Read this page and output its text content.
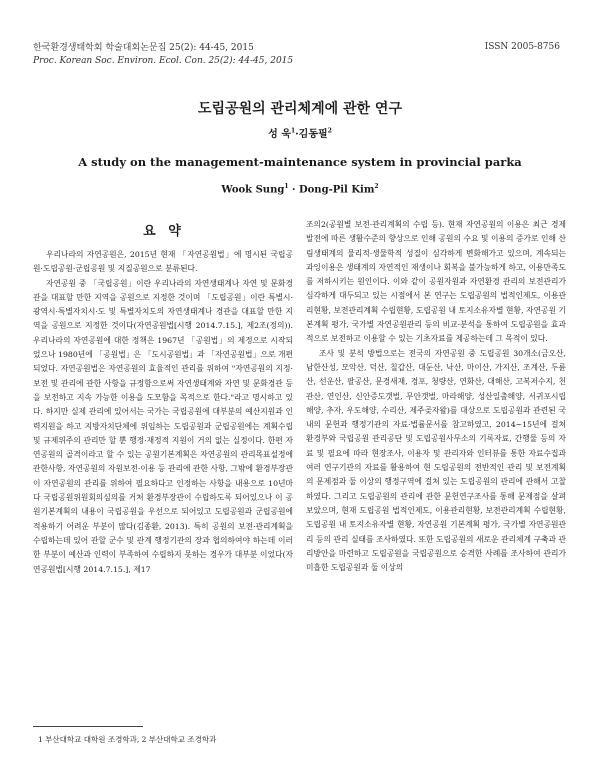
한국환경생태학회 학술대회논문집 25(2): 44-45, 2015
Proc. Korean Soc. Environ. Ecol. Con. 25(2): 44-45, 2015
ISSN 2005-8756
도립공원의 관리체계에 관한 연구
성 욱$^1$·김동필$^2$
A study on the management-maintenance system in provincial parka
Wook Sung$^1$ · Dong-Pil Kim$^2$
요 약

우리나라의 자연공원은, 2015년 현재 「자연공원법」에 명시된 국립공원·도립공원·군립공원 및 지질공원으로 분류된다.

자연공원 중 「국립공원」이란 우리나라의 자연생태계나 자연 및 문화경관을 대표할 만한 지역을 공원으로 지정한 것이며 「도립공원」이란 특별시·광역시·특별자치시·도 및 특별자치도의 자연생태계나 경관을 대표할 만한 지역을 공원으로 지정한 것이다(자연공원법[시행 2014.7.15.], 제2조(정의)). 우리나라의 자연공원에 대한 정책은 1967년 「공원법」의 제정으로 시작되었으나 1980년에 「공원법」은 「도시공원법」과 「자연공원법」으로 개편되었다. 자연공원법은 자연공원의 효율적인 관리를 위하여 "자연공원의 지정·보전 및 관리에 관한 사항을 규정함으로써 자연생태계와 자연 및 문화경관 등을 보전하고 지속 가능한 이용을 도모함을 목적으로 한다."라고 명시하고 있다. 하지만 실제 관리에 있어서는 국가는 국립공원에 대부분의 예산지원과 인력지원을 하고 지방자치단체에 위임하는 도립공원과 군립공원에는 계획수립 및 규제위주의 관리만 할 뿐 행정·재정적 지원이 거의 없는 실정이다. 한편 자연공원의 골격이라고 할 수 있는 공원기본계획은 자연공원의 관리목표설정에 관한사항, 자연공원의 자원보전·이용 등 관리에 관한 사항, 그밖에 환경부장관이 자연공원의 관리를 위하여 필요하다고 인정하는 사항을 내용으로 10년마다 국립공원위원회의심의를 거쳐 환경부장관이 수립하도록 되어있으나 이 공원기본계획의 내용이 국립공원을 우선으로 되어있고 도립공원과 군립공원에 적용하기 어려운 부분이 많다(김종환, 2013). 특히 공원의 보전·관리계획을 수립하는데 있어 관할 군수 및 관계 행정기관의 장과 협의하여야 하는데 이러한 부분이 예산과 인력이 부족하여 수립하지 못하는 경우가 대부분 이었다(자연공원법[시행 2014.7.15.], 제17

조의2(공원별 보전·관리계획의 수립 등). 현재 자연공원의 이용은 최근 경제발전에 따른 생활수준의 향상으로 인해 공원의 수요 및 이용의 증가로 인해 산림생태계의 물리적·생물학적 성질이 심각하게 변화해가고 있으며, 계속되는 과잉이용은 생태계의 자연적인 재생이나 회복을 불가능하게 하고, 이용만족도를 저하시키는 원인이다. 이와 같이 공원자원과 자연환경 관리의 보전관리가 심각하게 대두되고 있는 시점에서 본 연구는 도립공원의 법적인제도, 이용관리현황, 보전관리계획 수립현황, 도립공원 내 토지소유자별 현황, 자연공원 기본계획 평가, 국가별 자연공원관리 등의 비교·분석을 통하여 도립공원을 효과적으로 보전하고 이용할 수 있는 기초자료를 제공하는데 그 목적이 있다.

조사 및 분석 방법으로는 전국의 자연공원 중 도립공원 30개소(금오산, 남한산성, 모악산, 덕산, 칠갑산, 대둔산, 낙산, 마이산, 가지산, 조계산, 두륜산, 선운산, 팔공산, 문경새재, 경포, 청량산, 연화산, 대해산, 고복저수지, 천관산, 연인산, 신안증도갯벌, 무안갯벌, 마라해양, 성산일출해양, 서귀포시립해양, 추자, 우도해양, 수리산, 제주곶자왈)를 대상으로 도립공원과 관련된 국내의 문헌과 행정기관의 자료·법률문서를 참고하였고, 2014~15년에 걸쳐 환경부와 국립공원 관리공단 및 도립공원사무소의 기록자료, 간행물 등의 자료 및 필요에 따라 현장조사, 이용자 및 관리자와 인터뷰를 통한 자료수집과 여러 연구기관의 자료를 활용하여 현 도립공원의 전반적인 관리 및 보전계획의 문제점과 둘 이상의 행정구역에 걸쳐 있는 도립공원의 관리에 관해서 고찰하였다. 그리고 도립공원의 관리에 관한 문헌연구조사를 통해 문제점을 살펴보았으며, 현재 도립공원 법적인제도, 이용관리현황, 보전관리계획 수립현황, 도립공원 내 토지소유자별 현황, 자연공원 기본계획 평가, 국가별 자연공원관리 등의 관리 실태를 조사하였다. 또한 도립공원의 새로운 관리체계 구축과 관리방안을 마련하고 도립공원을 국립공원으로 승격한 사례를 조사하여 관리가 미흡한 도립공원과 둘 이상의

1 부산대학교 대학원 조경학과, 2 부산대학교 조경학과
